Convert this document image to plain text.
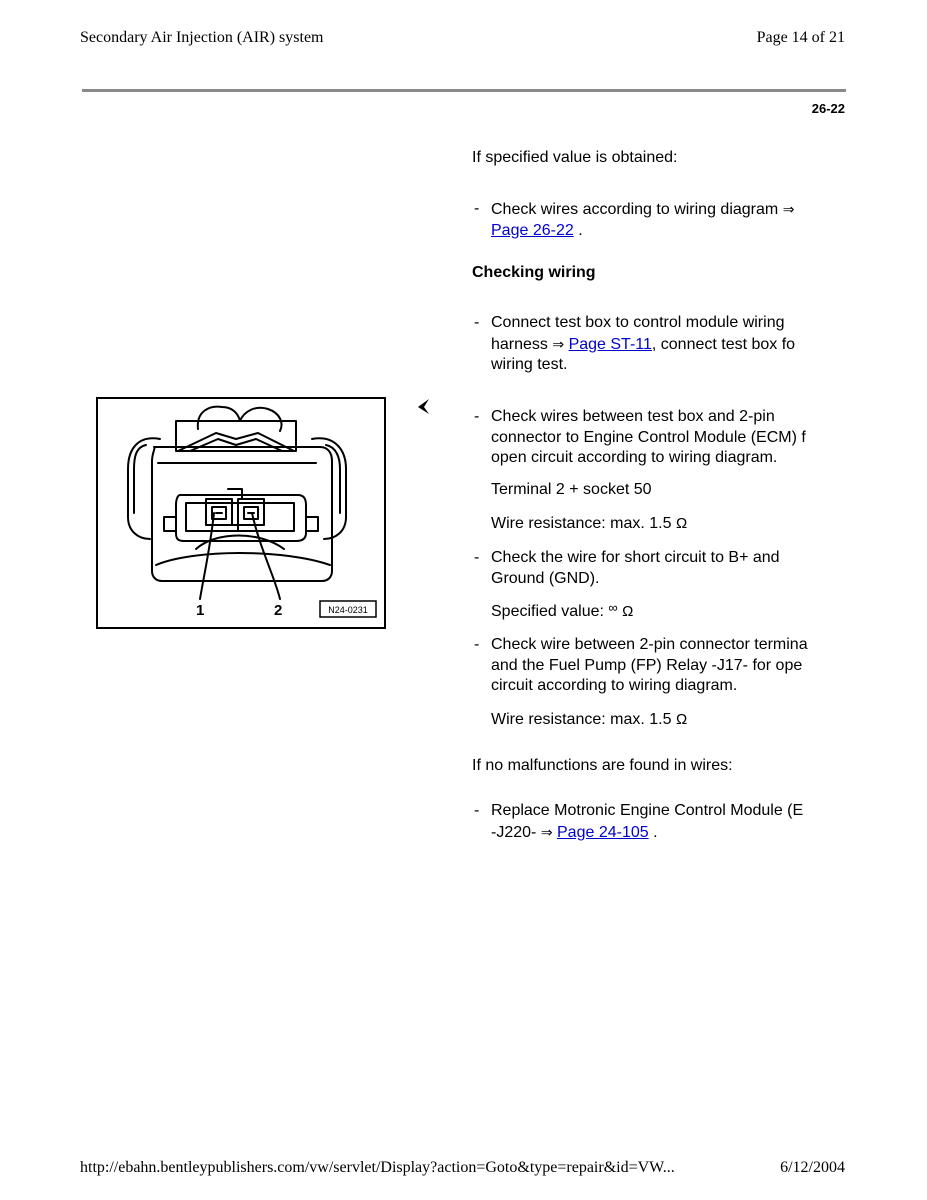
Secondary Air Injection (AIR) system	Page 14 of 21
26-22
1	2	N24-0231
If specified value is obtained:
- Check wires according to wiring diagram ⇒
Page 26-22 .
Checking wiring
- Connect test box to control module wiring
harness ⇒ Page ST-11, connect test box fo
wiring test.
- Check wires between test box and 2-pin
connector to Engine Control Module (ECM) f
open circuit according to wiring diagram.
Terminal 2 + socket 50
Wire resistance: max. 1.5 Ω
- Check the wire for short circuit to B+ and
Ground (GND).
Specified value: ∞ Ω
- Check wire between 2-pin connector termina
and the Fuel Pump (FP) Relay -J17- for ope
circuit according to wiring diagram.
Wire resistance: max. 1.5 Ω
If no malfunctions are found in wires:
- Replace Motronic Engine Control Module (E
-J220- ⇒ Page 24-105 .
http://ebahn.bentleypublishers.com/vw/servlet/Display?action=Goto&type=repair&id=VW...	6/12/2004
